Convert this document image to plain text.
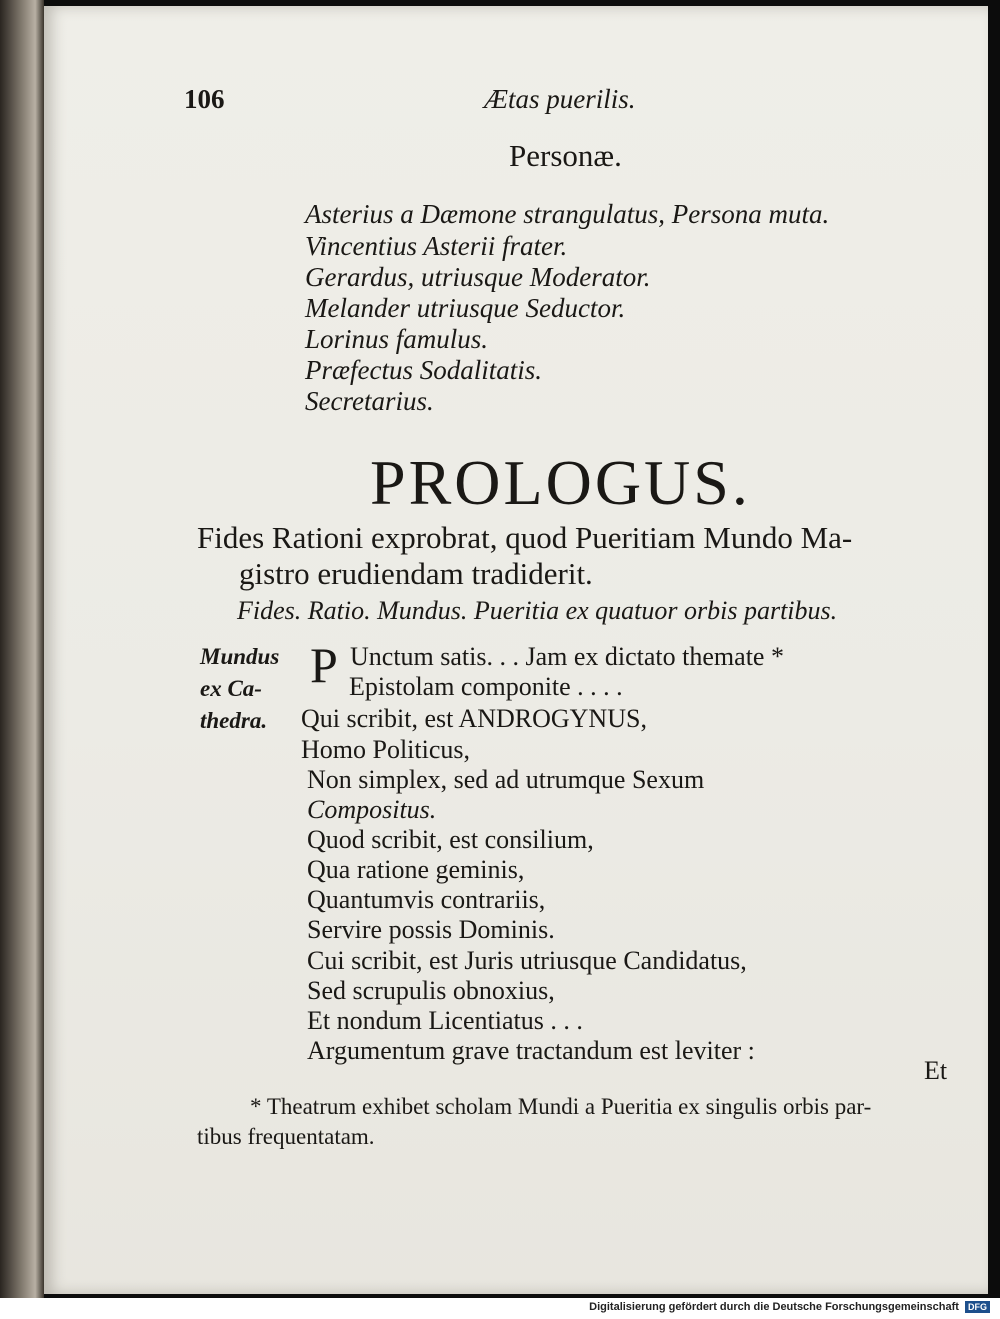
106	Ætas puerilis.
Personæ.
Asterius a Dæmone strangulatus, Persona muta.
Vincentius Asterii frater.
Gerardus, utriusque Moderator.
Melander utriusque Seductor.
Lorinus famulus.
Præfectus Sodalitatis.
Secretarius.
PROLOGUS.
Fides Rationi exprobrat, quod Pueritiam Mundo Ma-
gistro erudiendam tradiderit.
Fides. Ratio. Mundus. Pueritia ex quatuor orbis partibus.
Mundus
ex Ca-
thedra.
P Unctum satis. . . Jam ex dictato themate *
Epistolam componite . . . .
Qui scribit, est ANDROGYNUS,
Homo Politicus,
Non simplex, sed ad utrumque Sexum
Compositus.
Quod scribit, est consilium,
Qua ratione geminis,
Quantumvis contrariis,
Servire possis Dominis.
Cui scribit, est Juris utriusque Candidatus,
Sed scrupulis obnoxius,
Et nondum Licentiatus . . .
Argumentum grave tractandum est leviter :
Et
* Theatrum exhibet scholam Mundi a Pueritia ex singulis orbis par-
tibus frequentatam.
Digitalisierung gefördert durch die Deutsche Forschungsgemeinschaft DFG
